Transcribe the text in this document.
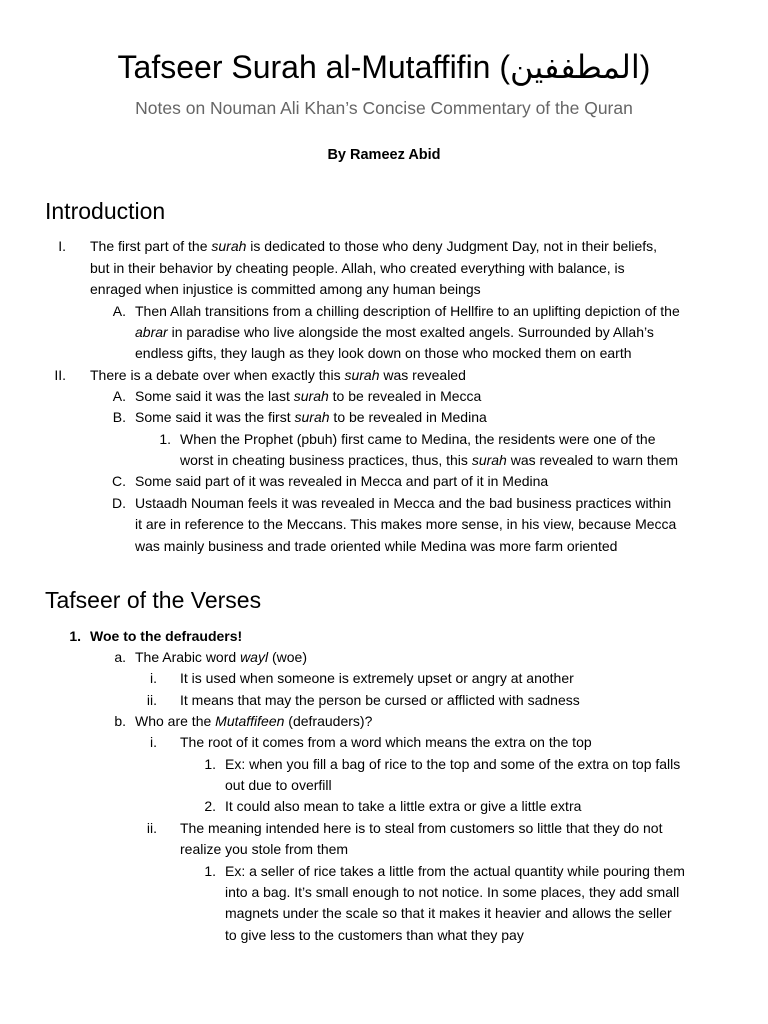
Tafseer Surah al-Mutaffifin (المطففين)
Notes on Nouman Ali Khan’s Concise Commentary of the Quran
By Rameez Abid
Introduction
I. The first part of the surah is dedicated to those who deny Judgment Day, not in their beliefs,
but in their behavior by cheating people. Allah, who created everything with balance, is
enraged when injustice is committed among any human beings
A. Then Allah transitions from a chilling description of Hellfire to an uplifting depiction of the
abrar in paradise who live alongside the most exalted angels. Surrounded by Allah’s
endless gifts, they laugh as they look down on those who mocked them on earth
II. There is a debate over when exactly this surah was revealed
A. Some said it was the last surah to be revealed in Mecca
B. Some said it was the first surah to be revealed in Medina
1. When the Prophet (pbuh) first came to Medina, the residents were one of the
worst in cheating business practices, thus, this surah was revealed to warn them
C. Some said part of it was revealed in Mecca and part of it in Medina
D. Ustaadh Nouman feels it was revealed in Mecca and the bad business practices within
it are in reference to the Meccans. This makes more sense, in his view, because Mecca
was mainly business and trade oriented while Medina was more farm oriented
Tafseer of the Verses
1. Woe to the defrauders!
a. The Arabic word wayl (woe)
i. It is used when someone is extremely upset or angry at another
ii. It means that may the person be cursed or afflicted with sadness
b. Who are the Mutaffifeen (defrauders)?
i. The root of it comes from a word which means the extra on the top
1. Ex: when you fill a bag of rice to the top and some of the extra on top falls
out due to overfill
2. It could also mean to take a little extra or give a little extra
ii. The meaning intended here is to steal from customers so little that they do not
realize you stole from them
1. Ex: a seller of rice takes a little from the actual quantity while pouring them
into a bag. It’s small enough to not notice. In some places, they add small
magnets under the scale so that it makes it heavier and allows the seller
to give less to the customers than what they pay
